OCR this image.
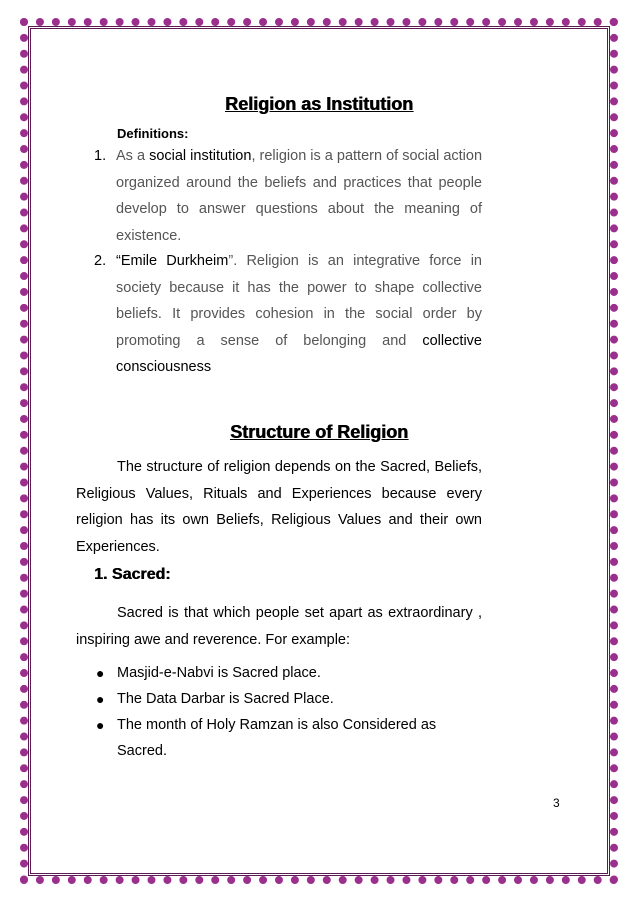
Religion as Institution
Definitions:
1. As a social institution, religion is a pattern of social action organized around the beliefs and practices that people develop to answer questions about the meaning of existence.
2. “Emile Durkheim”. Religion is an integrative force in society because it has the power to shape collective beliefs. It provides cohesion in the social order by promoting a sense of belonging and collective consciousness
Structure of Religion
The structure of religion depends on the Sacred, Beliefs, Religious Values, Rituals and Experiences because every religion has its own Beliefs, Religious Values and their own Experiences.
1. Sacred:
Sacred is that which people set apart as extraordinary , inspiring awe and reverence. For example:
● Masjid-e-Nabvi is Sacred place.
● The Data Darbar is Sacred Place.
● The month of Holy Ramzan is also Considered as Sacred.
3
